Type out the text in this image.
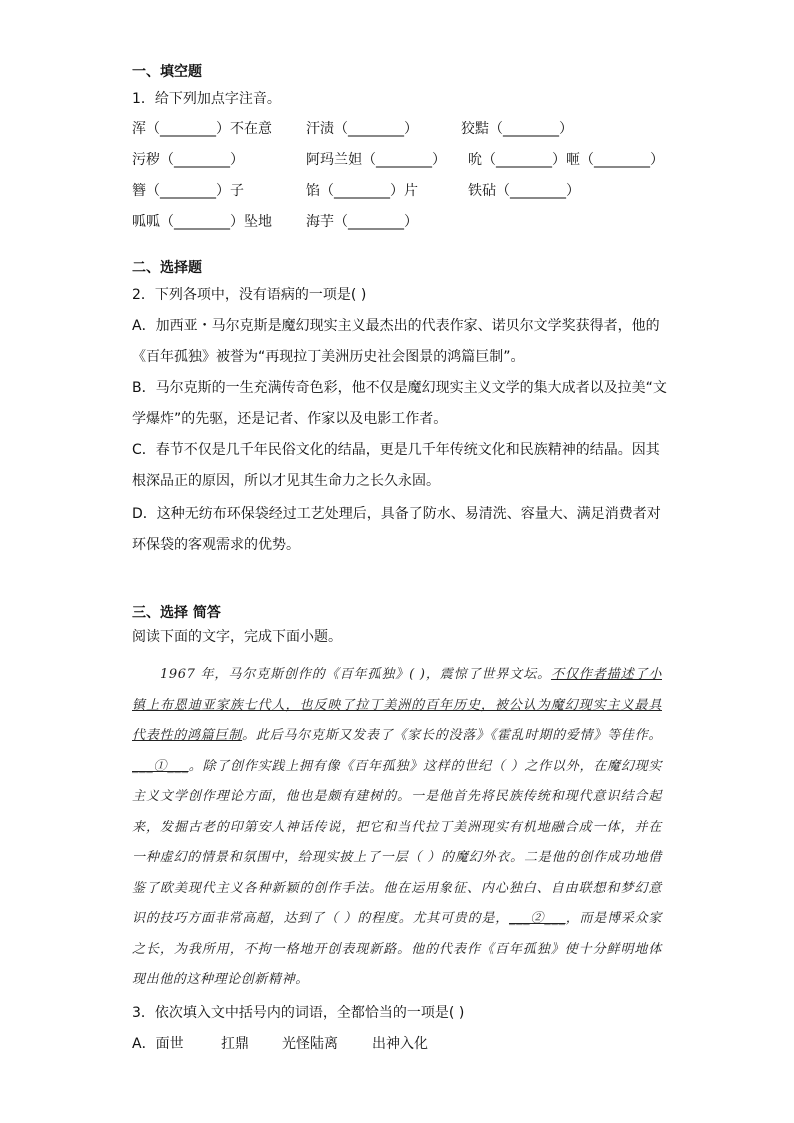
一、填空题
1．给下列加点字注音。
浑（________）不在意 汗渍（________）	狡黠（________）
污秽（________）	阿玛兰妲（________） 吮（________）咂（________）
簪（________）子	馅（________）片	铁砧（________）
呱呱（________）坠地 海芋（________）
二、选择题
2．下列各项中，没有语病的一项是( )
A．加西亚・马尔克斯是魔幻现实主义最杰出的代表作家、诺贝尔文学奖获得者，他的
《百年孤独》被誉为“再现拉丁美洲历史社会图景的鸿篇巨制”。
B．马尔克斯的一生充满传奇色彩，他不仅是魔幻现实主义文学的集大成者以及拉美“文
学爆炸”的先驱，还是记者、作家以及电影工作者。
C．春节不仅是几千年民俗文化的结晶，更是几千年传统文化和民族精神的结晶。因其
根深品正的原因，所以才见其生命力之长久永固。
D．这种无纺布环保袋经过工艺处理后，具备了防水、易清洗、容量大、满足消费者对
环保袋的客观需求的优势。
三、选择 简答
阅读下面的文字，完成下面小题。
1967 年，马尔克斯创作的《百年孤独》( )，震惊了世界文坛。不仅作者描述了小镇上布恩迪亚家族七代人，也反映了拉丁美洲的百年历史，被公认为魔幻现实主义最具代表性的鸿篇巨制。此后马尔克斯又发表了《家长的没落》《霍乱时期的爱情》等佳作。___①___。除了创作实践上拥有像《百年孤独》这样的世纪（ ）之作以外，在魔幻现实主义文学创作理论方面，他也是颇有建树的。一是他首先将民族传统和现代意识结合起来，发掘古老的印第安人神话传说，把它和当代拉丁美洲现实有机地融合成一体，并在一种虚幻的情景和氛围中，给现实披上了一层（ ）的魔幻外衣。二是他的创作成功地借鉴了欧美现代主义各种新颖的创作手法。他在运用象征、内心独白、自由联想和梦幻意识的技巧方面非常高超，达到了（ ）的程度。尤其可贵的是，___②___，而是博采众家之长，为我所用，不拘一格地开创表现新路。他的代表作《百年孤独》使十分鲜明地体现出他的这种理论创新精神。
3．依次填入文中括号内的词语，全都恰当的一项是( )
A．面世	扛鼎 光怪陆离 出神入化
